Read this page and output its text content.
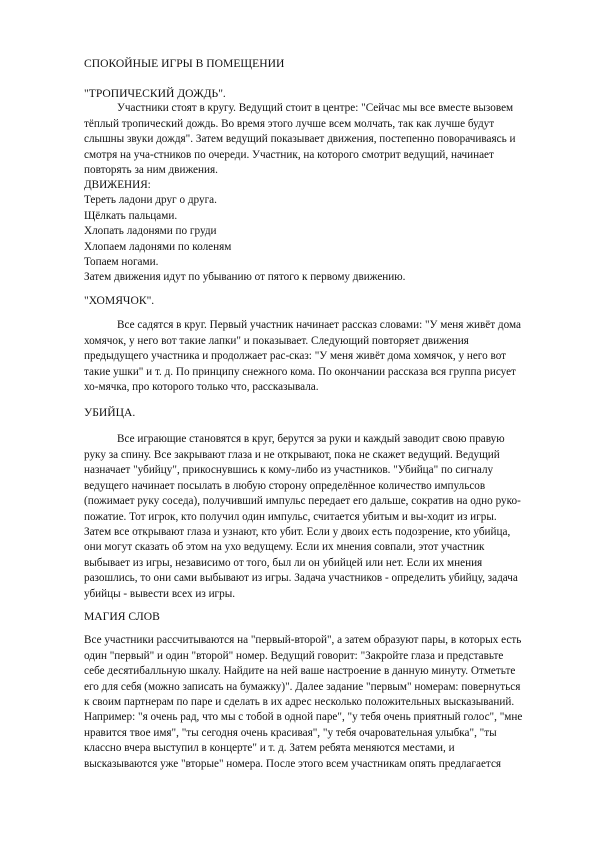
СПОКОЙНЫЕ ИГРЫ В ПОМЕЩЕНИИ
"ТРОПИЧЕСКИЙ ДОЖДЬ".
Участники стоят в кругу. Ведущий стоит в центре: "Сейчас мы все вместе вызовем
тёплый тропический дождь. Во время этого лучше всем молчать, так как лучше будут
слышны звуки дождя". Затем ведущий показывает движения, постепенно поворачиваясь и
смотря на уча-стников по очереди. Участник, на которого смотрит ведущий, начинает
повторять за ним движения.
ДВИЖЕНИЯ:
Тереть ладони друг о друга.
Щёлкать пальцами.
Хлопать ладонями по груди
Хлопаем ладонями по коленям
Топаем ногами.
Затем движения идут по убыванию от пятого к первому движению.
"ХОМЯЧОК".
Все садятся в круг. Первый участник начинает рассказ словами: "У меня живёт дома
хомячок, у него вот такие лапки" и показывает. Следующий повторяет движения
предыдущего участника и продолжает рас-сказ: "У меня живёт дома хомячок, у него вот
такие ушки" и т. д. По принципу снежного кома. По окончании рассказа вся группа рисует
хо-мячка, про которого только что, рассказывала.
УБИЙЦА.
Все играющие становятся в круг, берутся за руки и каждый заводит свою правую
руку за спину. Все закрывают глаза и не открывают, пока не скажет ведущий. Ведущий
назначает "убийцу", прикоснувшись к кому-либо из участников. "Убийца" по сигналу
ведущего начинает посылать в любую сторону определённое количество импульсов
(пожимает руку соседа), получивший импульс передает его дальше, сократив на одно руко-
пожатие. Тот игрок, кто получил один импульс, считается убитым и вы-ходит из игры.
Затем все открывают глаза и узнают, кто убит. Если у двоих есть подозрение, кто убийца,
они могут сказать об этом на ухо ведущему. Если их мнения совпали, этот участник
выбывает из игры, независимо от того, был ли он убийцей или нет. Если их мнения
разошлись, то они сами выбывают из игры. Задача участников - определить убийцу, задача
убийцы - вывести всех из игры.
МАГИЯ СЛОВ
Все участники рассчитываются на "первый-второй", а затем образуют пары, в которых есть
один "первый" и один "второй" номер. Ведущий говорит: "Закройте глаза и представьте
себе десятибалльную шкалу. Найдите на ней ваше настроение в данную минуту. Отметьте
его для себя (можно записать на бумажку)". Далее задание "первым" номерам: повернуться
к своим партнерам по паре и сделать в их адрес несколько положительных высказываний.
Например: "я очень рад, что мы с тобой в одной паре", "у тебя очень приятный голос", "мне
нравится твое имя", "ты сегодня очень красивая", "у тебя очаровательная улыбка", "ты
классно вчера выступил в концерте" и т. д. Затем ребята меняются местами, и
высказываются уже "вторые" номера. После этого всем участникам опять предлагается
